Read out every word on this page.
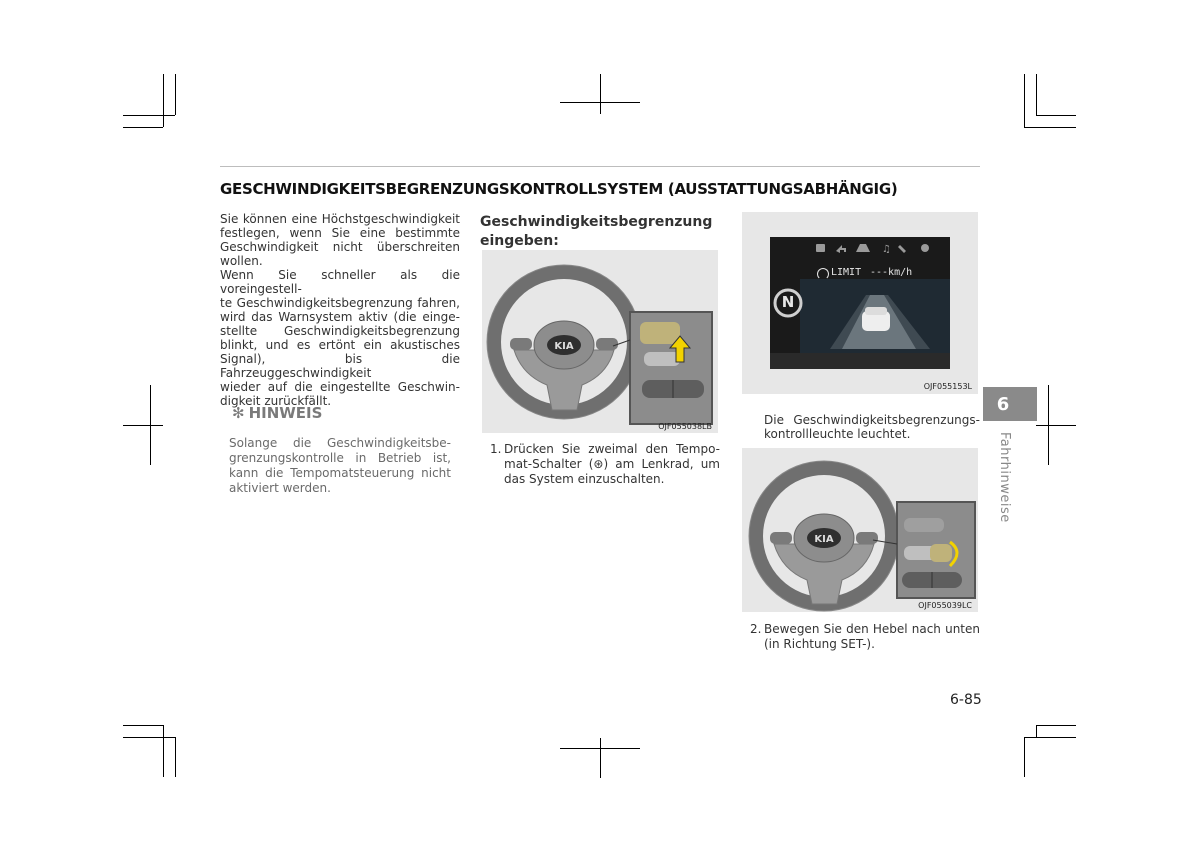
GESCHWINDIGKEITSBEGRENZUNGSKONTROLLSYSTEM (AUSSTATTUNGSABHÄNGIG)
Sie können eine Höchstgeschwindigkeit
festlegen, wenn Sie eine bestimmte
Geschwindigkeit nicht überschreiten
wollen.
Wenn Sie schneller als die voreingestell-
te Geschwindigkeitsbegrenzung fahren,
wird das Warnsystem aktiv (die einge-
stellte Geschwindigkeitsbegrenzung
blinkt, und es ertönt ein akustisches
Signal), bis die Fahrzeuggeschwindigkeit
wieder auf die eingestellte Geschwin-
digkeit zurückfällt.
✻ HINWEIS
Solange die Geschwindigkeitsbe-
grenzungskontrolle in Betrieb ist,
kann die Tempomatsteuerung nicht
aktiviert werden.
Geschwindigkeitsbegrenzung
eingeben:
KIA
OJF055038LB
1. Drücken Sie zweimal den Tempo-
mat-Schalter (⊛) am Lenkrad, um
das System einzuschalten.
♫
N
LIMIT ---km/h
OJF055153L
Die Geschwindigkeitsbegrenzungs-
kontrollleuchte leuchtet.
KIA
OJF055039LC
2. Bewegen Sie den Hebel nach unten
(in Richtung SET-).
6
Fahrhinweise
6-85
